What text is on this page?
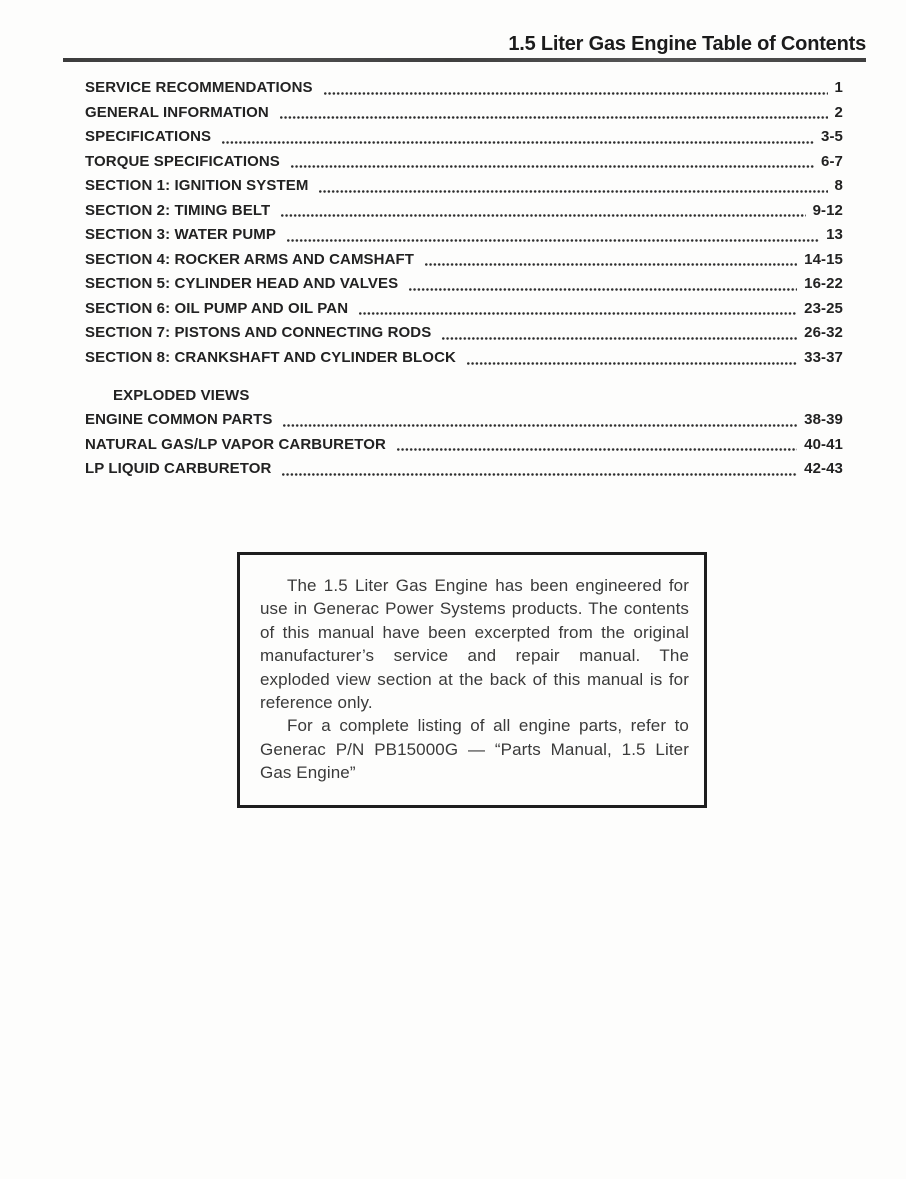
1.5 Liter Gas Engine Table of Contents
SERVICE RECOMMENDATIONS	1
GENERAL INFORMATION	2
SPECIFICATIONS	3-5
TORQUE SPECIFICATIONS	6-7
SECTION 1: IGNITION SYSTEM	8
SECTION 2: TIMING BELT	9-12
SECTION 3: WATER PUMP	13
SECTION 4: ROCKER ARMS AND CAMSHAFT	14-15
SECTION 5: CYLINDER HEAD AND VALVES	16-22
SECTION 6: OIL PUMP AND OIL PAN	23-25
SECTION 7: PISTONS AND CONNECTING RODS	26-32
SECTION 8: CRANKSHAFT AND CYLINDER BLOCK	33-37
EXPLODED VIEWS
ENGINE COMMON PARTS	38-39
NATURAL GAS/LP VAPOR CARBURETOR	40-41
LP LIQUID CARBURETOR	42-43

The 1.5 Liter Gas Engine has been engineered for use in Generac Power Systems products. The contents of this manual have been excerpted from the original manufacturer’s service and repair manual. The exploded view section at the back of this manual is for reference only.

For a complete listing of all engine parts, refer to Generac P/N PB15000G — “Parts Manual, 1.5 Liter Gas Engine”
